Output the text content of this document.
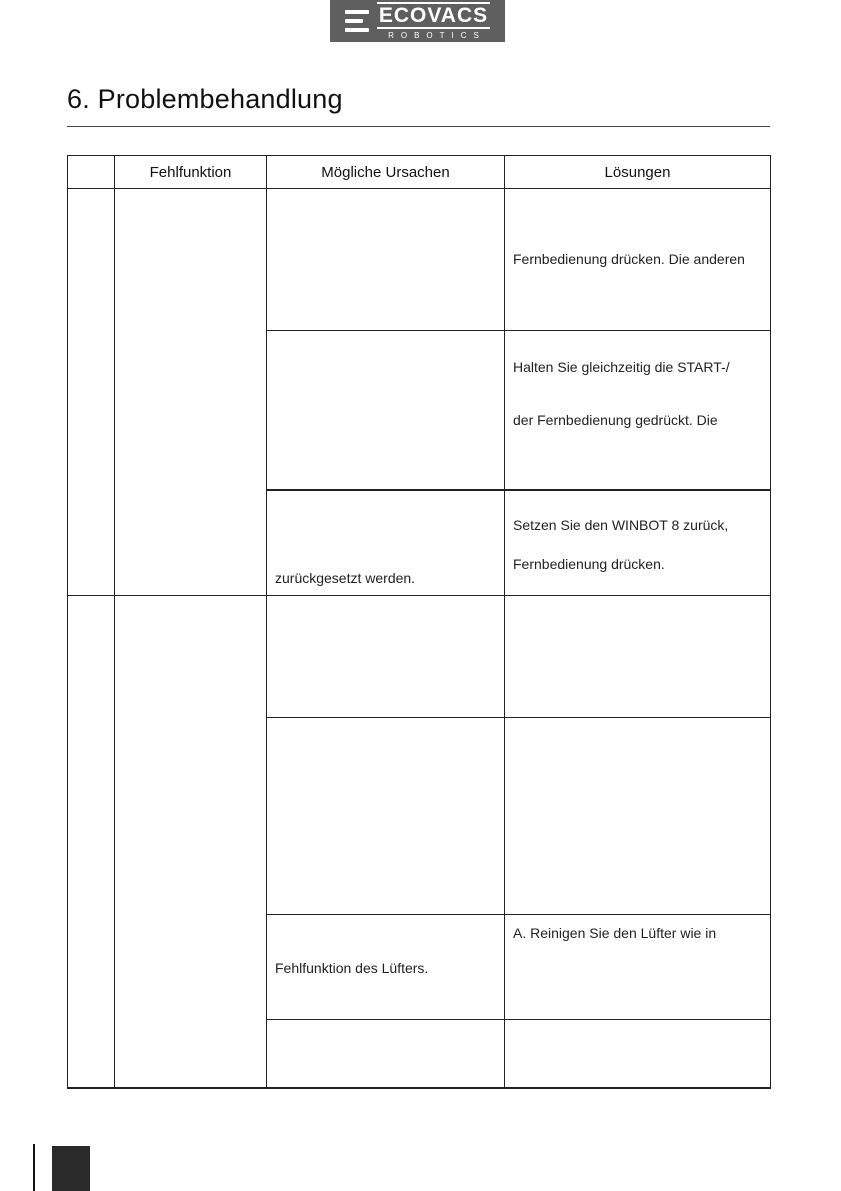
ECOVACS
ROBOTICS
6. Problembehandlung
Fehlfunktion	Mögliche Ursachen	Lösungen
Fernbedienung drücken. Die anderen
Halten Sie gleichzeitig die START-/
der Fernbedienung gedrückt. Die
zurückgesetzt werden.
Setzen Sie den WINBOT 8 zurück,
Fernbedienung drücken.
Fehlfunktion des Lüfters.
A. Reinigen Sie den Lüfter wie in
